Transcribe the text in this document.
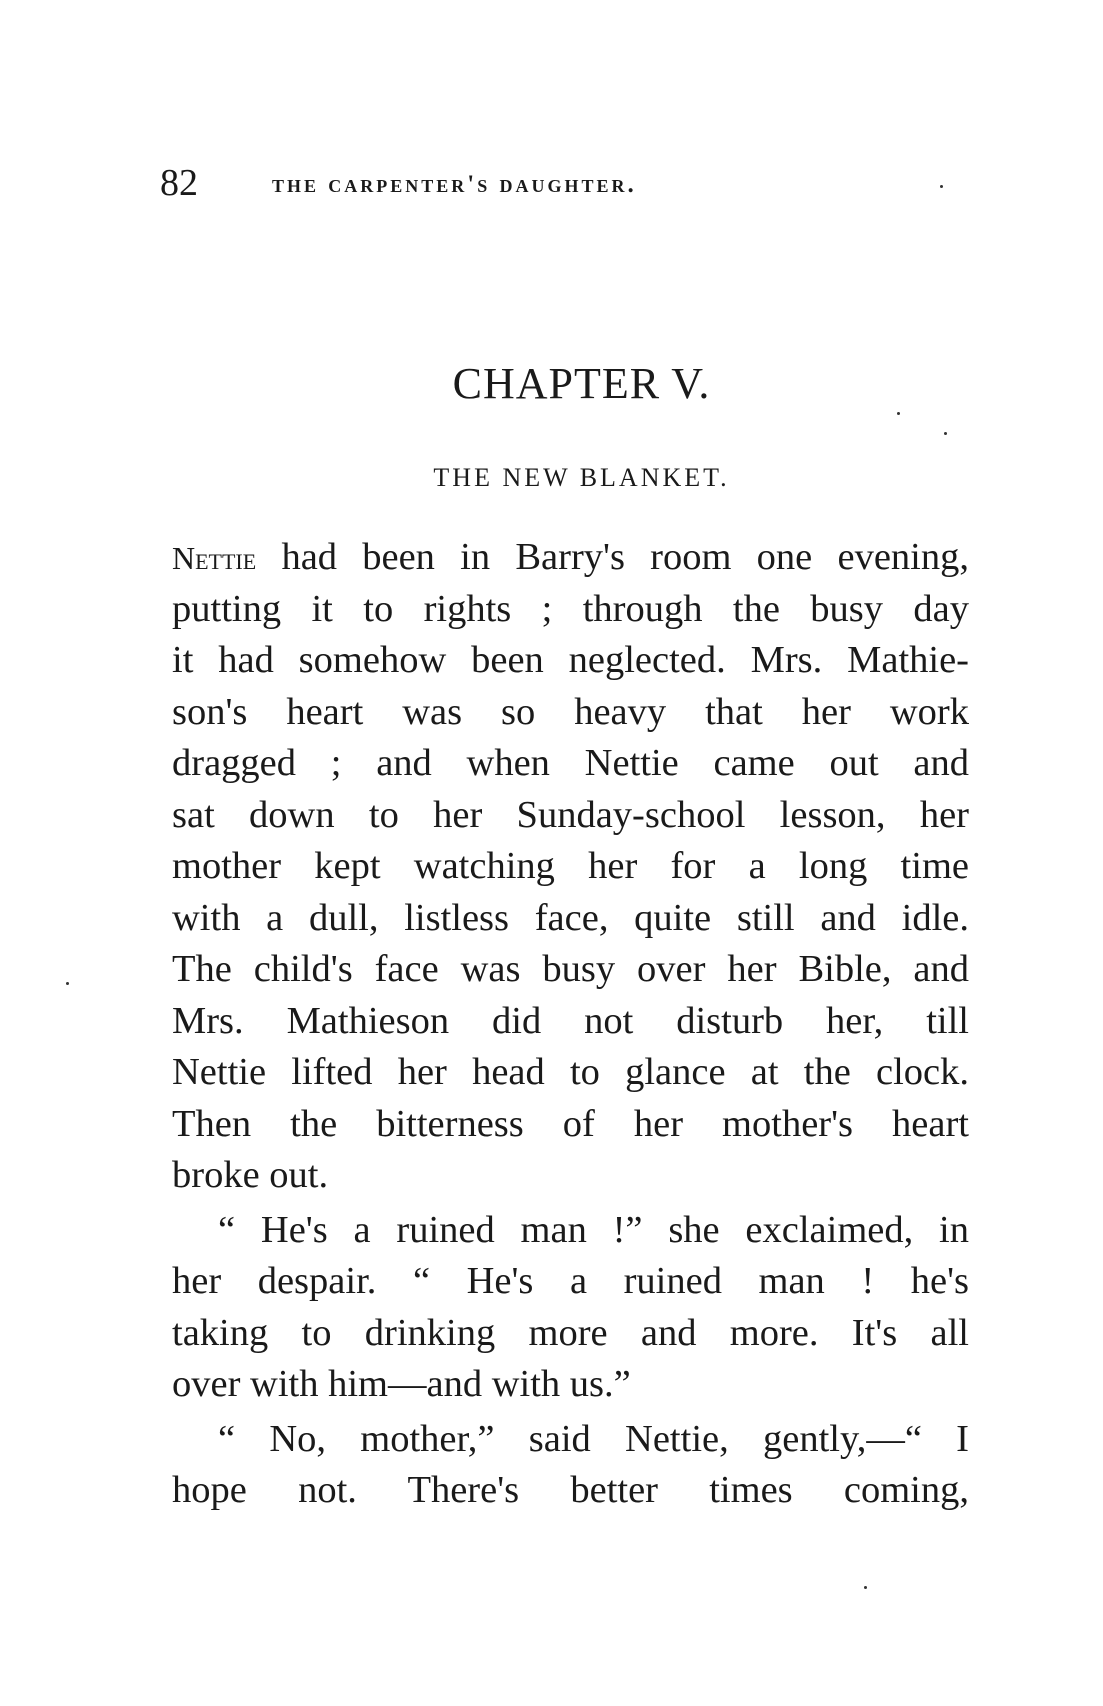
82	the carpenter's daughter.
CHAPTER V.
THE NEW BLANKET.
Nettie had been in Barry's room one evening,
putting it to rights ; through the busy day
it had somehow been neglected. Mrs. Mathie-
son's heart was so heavy that her work
dragged ; and when Nettie came out and
sat down to her Sunday-school lesson, her
mother kept watching her for a long time
with a dull, listless face, quite still and idle.
The child's face was busy over her Bible, and
Mrs. Mathieson did not disturb her, till
Nettie lifted her head to glance at the clock.
Then the bitterness of her mother's heart
broke out.
“ He's a ruined man !” she exclaimed, in
her despair. “ He's a ruined man ! he's
taking to drinking more and more. It's all
over with him—and with us.”
“ No, mother,” said Nettie, gently,—“ I
hope not. There's better times coming,
